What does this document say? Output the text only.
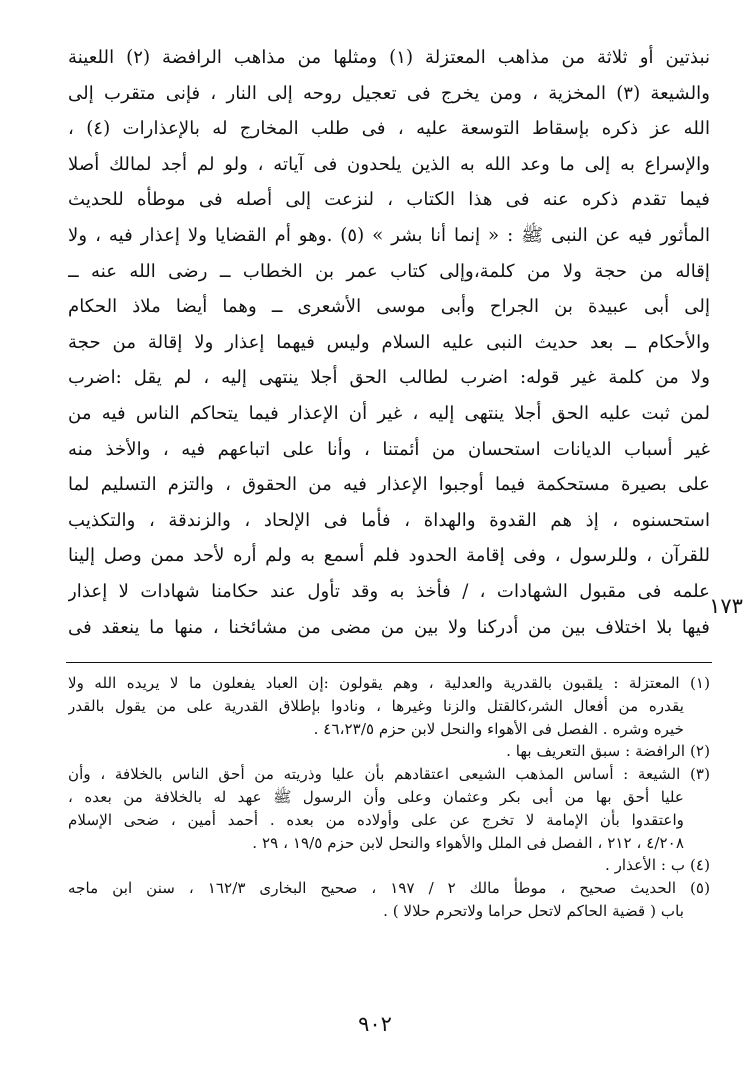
نبذتين أو ثلاثة من مذاهب المعتزلة (١) ومثلها من مذاهب الرافضة (٢) اللعينة
والشيعة (٣) المخزية ، ومن يخرج فى تعجيل روحه إلى النار ، فإنى متقرب إلى
الله عز ذكره بإسقاط التوسعة عليه ، فى طلب المخارج له بالإعذارات (٤) ،
والإسراع به إلى ما وعد الله به الذين يلحدون فى آياته ، ولو لم أجد لمالك أصلا
فيما تقدم ذكره عنه فى هذا الكتاب ، لنزعت إلى أصله فى موطأه للحديث
المأثور فيه عن النبى ﷺ : « إنما أنا بشر » (٥) .وهو أم القضايا ولا إعذار فيه ، ولا
إقاله من حجة ولا من كلمة،وإلى كتاب عمر بن الخطاب ــ رضى الله عنه ــ
إلى أبى عبيدة بن الجراح وأبى موسى الأشعرى ــ وهما أيضا ملاذ الحكام
والأحكام ــ بعد حديث النبى عليه السلام وليس فيهما إعذار ولا إقالة من حجة
ولا من كلمة غير قوله: اضرب لطالب الحق أجلا ينتهى إليه ، لم يقل :اضرب
لمن ثبت عليه الحق أجلا ينتهى إليه ، غير أن الإعذار فيما يتحاكم الناس فيه من
غير أسباب الديانات استحسان من أئمتنا ، وأنا على اتباعهم فيه ، والأخذ منه
على بصيرة مستحكمة فيما أوجبوا الإعذار فيه من الحقوق ، والتزم التسليم لما
استحسنوه ، إذ هم القدوة والهداة ، فأما فى الإلحاد ، والزندقة ، والتكذيب
للقرآن ، وللرسول ، وفى إقامة الحدود فلم أسمع به ولم أره لأحد ممن وصل إلينا
علمه فى مقبول الشهادات ، / فأخذ به وقد تأول عند حكامنا شهادات لا إعذار
فيها بلا اختلاف بين من أدركنا ولا بين من مضى من مشائخنا ، منها ما ينعقد فى
١٧٣
(١) المعتزلة : يلقبون بالقدرية والعدلية ، وهم يقولون :إن العباد يفعلون ما لا يريده الله ولا
يقدره من أفعال الشر،كالقتل والزنا وغيرها ، ونادوا بإطلاق القدرية على من يقول بالقدر
خيره وشره . الفصل فى الأهواء والنحل لابن حزم ٤٦،٢٣/٥ .
(٢) الرافضة : سبق التعريف بها .
(٣) الشيعة : أساس المذهب الشيعى اعتقادهم بأن عليا وذريته من أحق الناس بالخلافة ، وأن
عليا أحق بها من أبى بكر وعثمان وعلى وأن الرسول ﷺ عهد له بالخلافة من بعده ،
واعتقدوا بأن الإمامة لا تخرج عن على وأولاده من بعده . أحمد أمين ، ضحى الإسلام
٤/٢٠٨ ، ٢١٢ ، الفصل فى الملل والأهواء والنحل لابن حزم ١٩/٥ ، ٢٩ .
(٤) ب : الأعذار .
(٥) الحديث صحيح ، موطأ مالك ٢ / ١٩٧ ، صحيح البخارى ١٦٢/٣ ، سنن ابن ماجه
باب ( قضية الحاكم لاتحل حراما ولاتحرم حلالا ) .
٩٠٢
